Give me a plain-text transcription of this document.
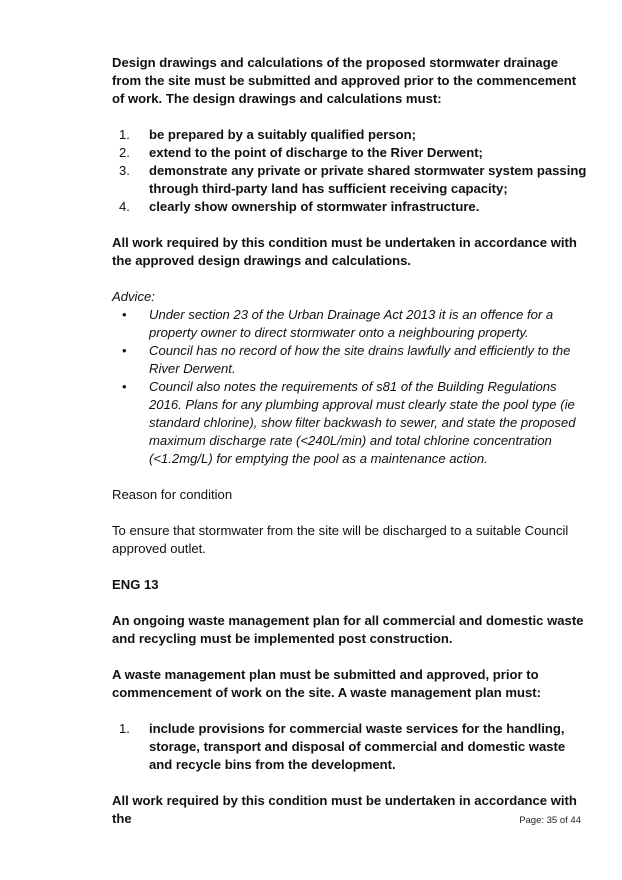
Design drawings and calculations of the proposed stormwater drainage from the site must be submitted and approved prior to the commencement of work. The design drawings and calculations must:

1. be prepared by a suitably qualified person;
2. extend to the point of discharge to the River Derwent;
3. demonstrate any private or private shared stormwater system passing through third-party land has sufficient receiving capacity;
4. clearly show ownership of stormwater infrastructure.

All work required by this condition must be undertaken in accordance with the approved design drawings and calculations.

Advice:

• Under section 23 of the Urban Drainage Act 2013 it is an offence for a property owner to direct stormwater onto a neighbouring property.
• Council has no record of how the site drains lawfully and efficiently to the River Derwent.
• Council also notes the requirements of s81 of the Building Regulations 2016. Plans for any plumbing approval must clearly state the pool type (ie standard chlorine), show filter backwash to sewer, and state the proposed maximum discharge rate (<240L/min) and total chlorine concentration (<1.2mg/L) for emptying the pool as a maintenance action.

Reason for condition

To ensure that stormwater from the site will be discharged to a suitable Council approved outlet.

ENG 13

An ongoing waste management plan for all commercial and domestic waste and recycling must be implemented post construction.

A waste management plan must be submitted and approved, prior to commencement of work on the site. A waste management plan must:

1. include provisions for commercial waste services for the handling, storage, transport and disposal of commercial and domestic waste and recycle bins from the development.

All work required by this condition must be undertaken in accordance with the	Page: 35 of 44
